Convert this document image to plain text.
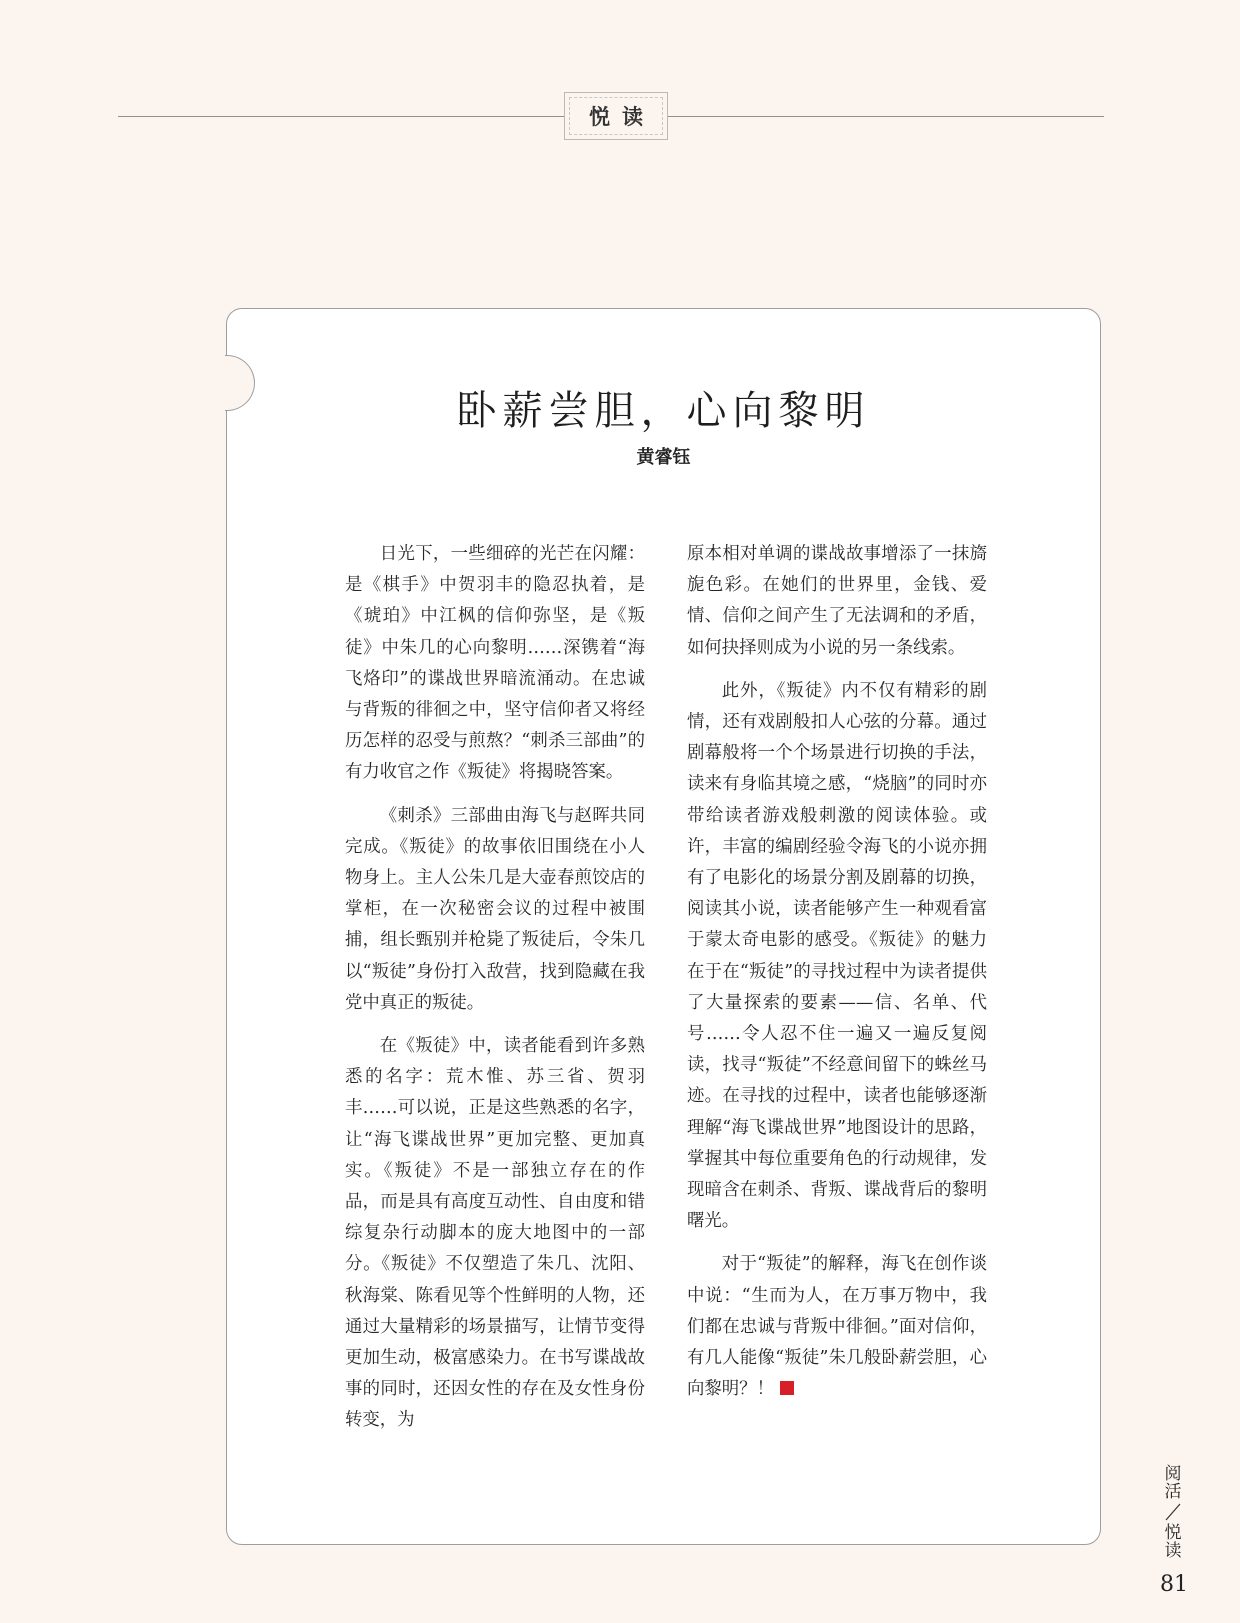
悦读
卧薪尝胆，心向黎明
黄睿钰

日光下，一些细碎的光芒在闪耀：是《棋手》中贺羽丰的隐忍执着，是《琥珀》中江枫的信仰弥坚，是《叛徒》中朱几的心向黎明……深镌着“海飞烙印”的谍战世界暗流涌动。在忠诚与背叛的徘徊之中，坚守信仰者又将经历怎样的忍受与煎熬？“刺杀三部曲”的有力收官之作《叛徒》将揭晓答案。

《刺杀》三部曲由海飞与赵晖共同完成。《叛徒》的故事依旧围绕在小人物身上。主人公朱几是大壶春煎饺店的掌柜，在一次秘密会议的过程中被围捕，组长甄别并枪毙了叛徒后，令朱几以“叛徒”身份打入敌营，找到隐藏在我党中真正的叛徒。

在《叛徒》中，读者能看到许多熟悉的名字：荒木惟、苏三省、贺羽丰……可以说，正是这些熟悉的名字，让“海飞谍战世界”更加完整、更加真实。《叛徒》不是一部独立存在的作品，而是具有高度互动性、自由度和错综复杂行动脚本的庞大地图中的一部分。《叛徒》不仅塑造了朱几、沈阳、秋海棠、陈看见等个性鲜明的人物，还通过大量精彩的场景描写，让情节变得更加生动，极富感染力。在书写谍战故事的同时，还因女性的存在及女性身份转变，为

原本相对单调的谍战故事增添了一抹旖旎色彩。在她们的世界里，金钱、爱情、信仰之间产生了无法调和的矛盾，如何抉择则成为小说的另一条线索。

此外，《叛徒》内不仅有精彩的剧情，还有戏剧般扣人心弦的分幕。通过剧幕般将一个个场景进行切换的手法，读来有身临其境之感，“烧脑”的同时亦带给读者游戏般刺激的阅读体验。或许，丰富的编剧经验令海飞的小说亦拥有了电影化的场景分割及剧幕的切换，阅读其小说，读者能够产生一种观看富于蒙太奇电影的感受。《叛徒》的魅力在于在“叛徒”的寻找过程中为读者提供了大量探索的要素——信、名单、代号……令人忍不住一遍又一遍反复阅读，找寻“叛徒”不经意间留下的蛛丝马迹。在寻找的过程中，读者也能够逐渐理解“海飞谍战世界”地图设计的思路，掌握其中每位重要角色的行动规律，发现暗含在刺杀、背叛、谍战背后的黎明曙光。

对于“叛徒”的解释，海飞在创作谈中说：“生而为人，在万事万物中，我们都在忠诚与背叛中徘徊。”面对信仰，有几人能像“叛徒”朱几般卧薪尝胆，心向黎明？！

阅活
悦读
81
